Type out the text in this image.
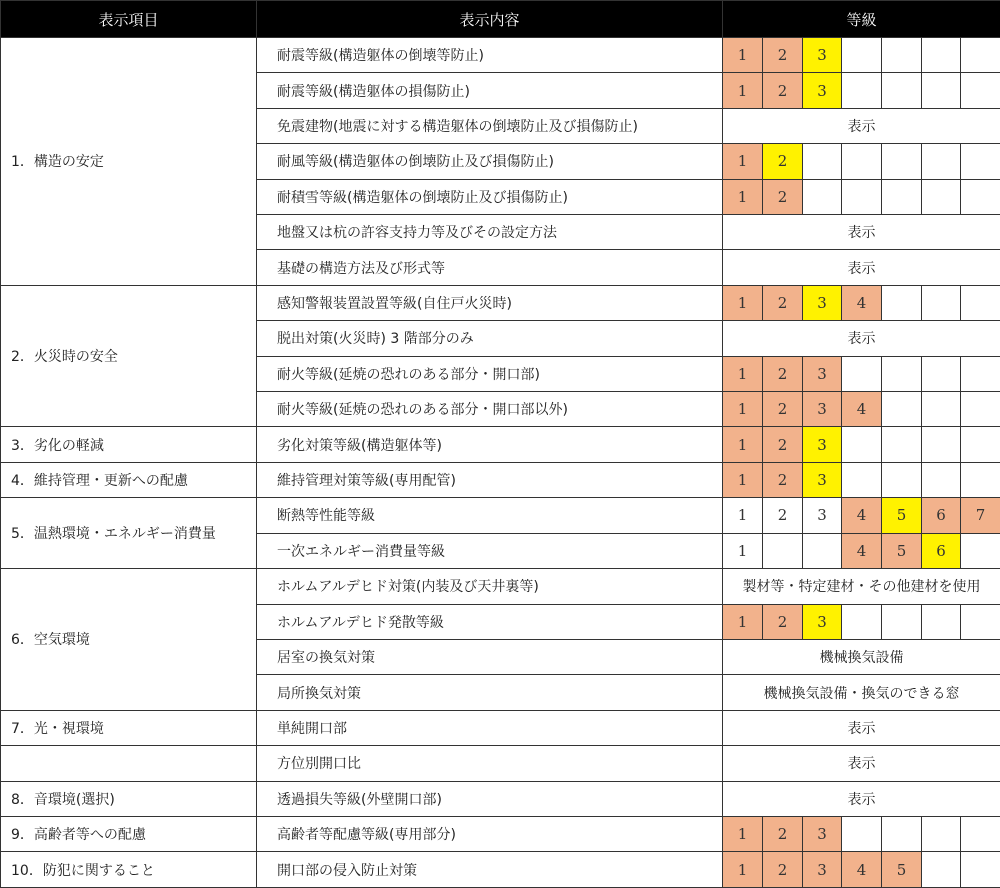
表示項目	表示内容	等級						
1．構造の安定	耐震等級(構造躯体の倒壊等防止)	1	2	3				
	耐震等級(構造躯体の損傷防止)	1	2	3				
	免震建物(地震に対する構造躯体の倒壊防止及び損傷防止)	表示						
	耐風等級(構造躯体の倒壊防止及び損傷防止)	1	2					
	耐積雪等級(構造躯体の倒壊防止及び損傷防止)	1	2					
	地盤又は杭の許容支持力等及びその設定方法	表示						
	基礎の構造方法及び形式等	表示						
2．火災時の安全	感知警報装置設置等級(自住戸火災時)	1	2	3	4			
	脱出対策(火災時) 3 階部分のみ	表示						
	耐火等級(延焼の恐れのある部分・開口部)	1	2	3				
	耐火等級(延焼の恐れのある部分・開口部以外)	1	2	3	4			
3．劣化の軽減	劣化対策等級(構造躯体等)	1	2	3				
4．維持管理・更新への配慮	維持管理対策等級(専用配管)	1	2	3				
5．温熱環境・エネルギー消費量	断熱等性能等級	1	2	3	4	5	6	7
	一次エネルギー消費量等級	1			4	5	6	
6．空気環境	ホルムアルデヒド対策(内装及び天井裏等)	製材等・特定建材・その他建材を使用						
	ホルムアルデヒド発散等級	1	2	3				
	居室の換気対策	機械換気設備						
	局所換気対策	機械換気設備・換気のできる窓						
7．光・視環境	単純開口部	表示						
	方位別開口比	表示						
8．音環境(選択)	透過損失等級(外壁開口部)	表示						
9．高齢者等への配慮	高齢者等配慮等級(専用部分)	1	2	3				
10．防犯に関すること	開口部の侵入防止対策	1	2	3	4	5		
